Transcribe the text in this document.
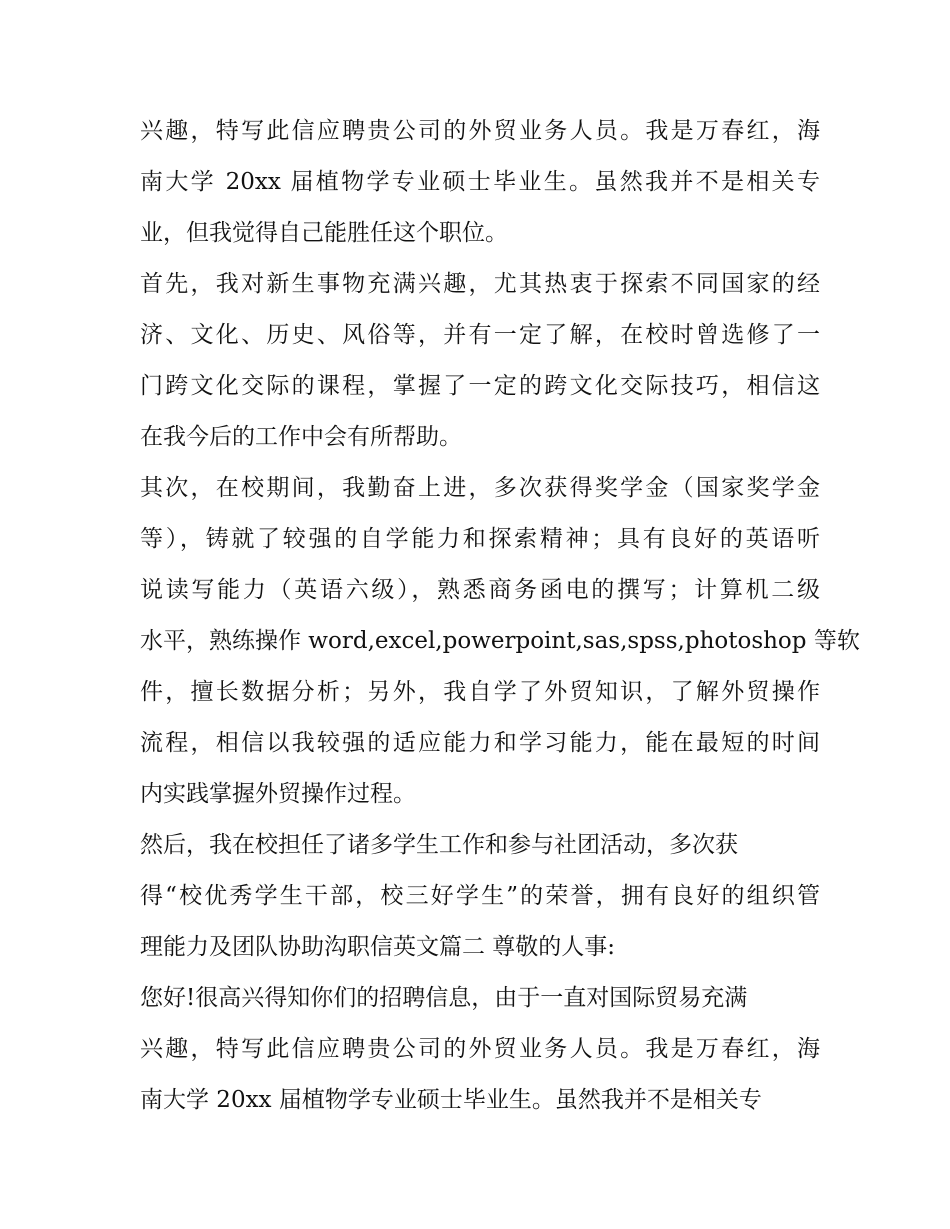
兴趣，特写此信应聘贵公司的外贸业务人员。我是万春红，海
南大学 20xx 届植物学专业硕士毕业生。虽然我并不是相关专
业，但我觉得自己能胜任这个职位。
首先，我对新生事物充满兴趣，尤其热衷于探索不同国家的经
济、文化、历史、风俗等，并有一定了解，在校时曾选修了一
门跨文化交际的课程，掌握了一定的跨文化交际技巧，相信这
在我今后的工作中会有所帮助。
其次，在校期间，我勤奋上进，多次获得奖学金（国家奖学金
等），铸就了较强的自学能力和探索精神；具有良好的英语听
说读写能力（英语六级），熟悉商务函电的撰写；计算机二级
水平，熟练操作 word,excel,powerpoint,sas,spss,photoshop 等软
件，擅长数据分析；另外，我自学了外贸知识，了解外贸操作
流程，相信以我较强的适应能力和学习能力，能在最短的时间
内实践掌握外贸操作过程。
然后，我在校担任了诸多学生工作和参与社团活动，多次获
得“校优秀学生干部，校三好学生”的荣誉，拥有良好的组织管
理能力及团队协助沟职信英文篇二 尊敬的人事:
您好!很高兴得知你们的招聘信息，由于一直对国际贸易充满
兴趣，特写此信应聘贵公司的外贸业务人员。我是万春红，海
南大学 20xx 届植物学专业硕士毕业生。虽然我并不是相关专
